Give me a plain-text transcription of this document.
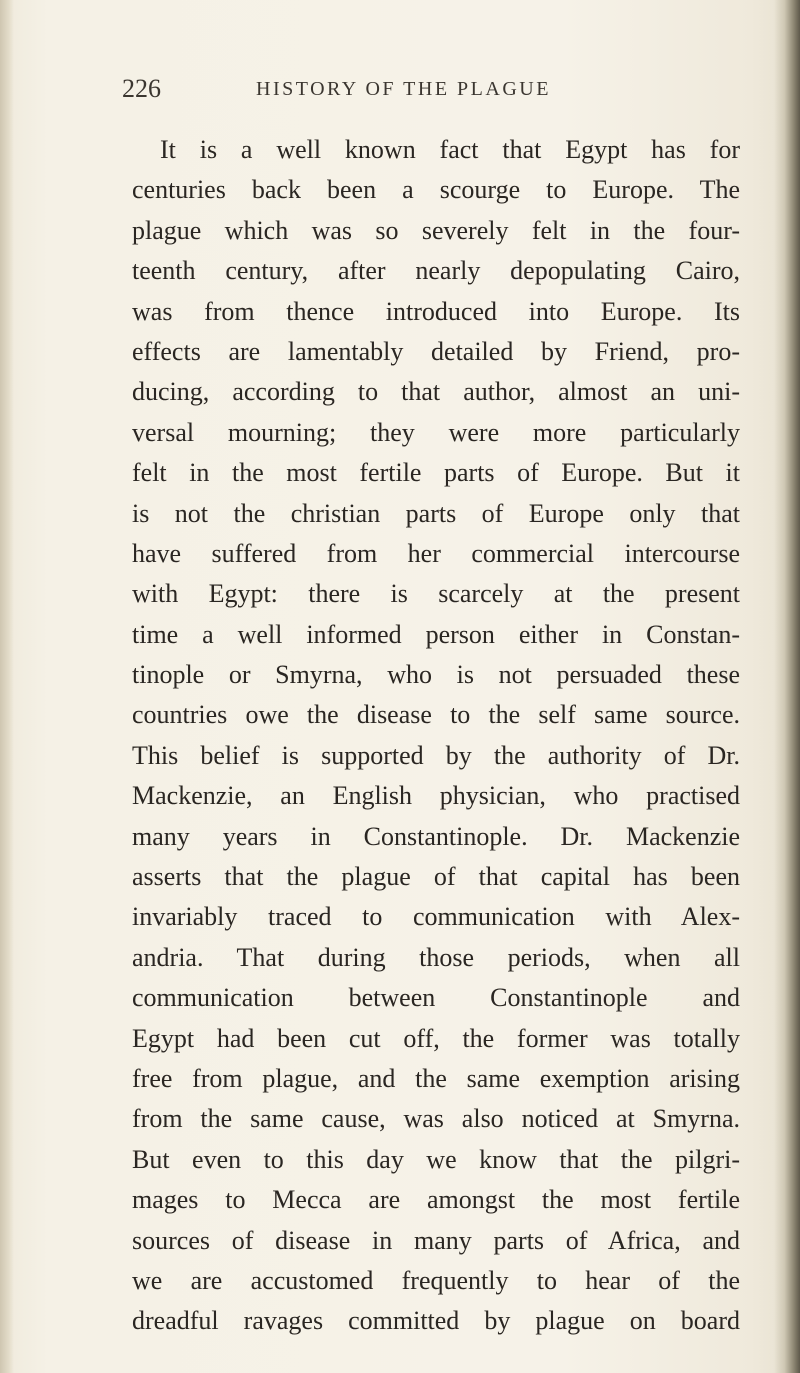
226	HISTORY OF THE PLAGUE
It is a well known fact that Egypt has for
centuries back been a scourge to Europe. The
plague which was so severely felt in the four-
teenth century, after nearly depopulating Cairo,
was from thence introduced into Europe. Its
effects are lamentably detailed by Friend, pro-
ducing, according to that author, almost an uni-
versal mourning; they were more particularly
felt in the most fertile parts of Europe. But it
is not the christian parts of Europe only that
have suffered from her commercial intercourse
with Egypt: there is scarcely at the present
time a well informed person either in Constan-
tinople or Smyrna, who is not persuaded these
countries owe the disease to the self same source.
This belief is supported by the authority of Dr.
Mackenzie, an English physician, who practised
many years in Constantinople. Dr. Mackenzie
asserts that the plague of that capital has been
invariably traced to communication with Alex-
andria. That during those periods, when all
communication between Constantinople and
Egypt had been cut off, the former was totally
free from plague, and the same exemption arising
from the same cause, was also noticed at Smyrna.
But even to this day we know that the pilgri-
mages to Mecca are amongst the most fertile
sources of disease in many parts of Africa, and
we are accustomed frequently to hear of the
dreadful ravages committed by plague on board
